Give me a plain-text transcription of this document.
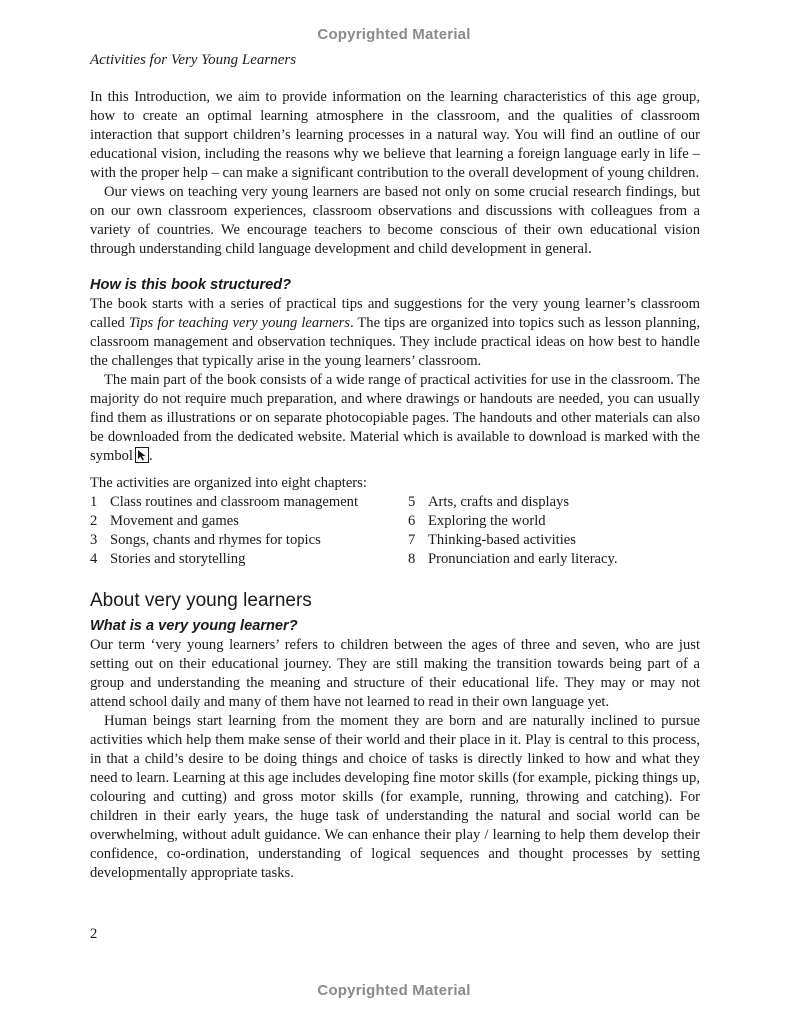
Copyrighted Material
Activities for Very Young Learners

In this Introduction, we aim to provide information on the learning characteristics of this age group, how to create an optimal learning atmosphere in the classroom, and the qualities of classroom interaction that support children’s learning processes in a natural way. You will find an outline of our educational vision, including the reasons why we believe that learning a foreign language early in life – with the proper help – can make a significant contribution to the overall development of young children.

Our views on teaching very young learners are based not only on some crucial research findings, but on our own classroom experiences, classroom observations and discussions with colleagues from a variety of countries. We encourage teachers to become conscious of their own educational vision through understanding child language development and child development in general.

How is this book structured?

The book starts with a series of practical tips and suggestions for the very young learner’s classroom called Tips for teaching very young learners. The tips are organized into topics such as lesson planning, classroom management and observation techniques. They include practical ideas on how best to handle the challenges that typically arise in the young learners’ classroom.

The main part of the book consists of a wide range of practical activities for use in the classroom. The majority do not require much preparation, and where drawings or handouts are needed, you can usually find them as illustrations or on separate photocopiable pages. The handouts and other materials can also be downloaded from the dedicated website. Material which is available to download is marked with the symbol .

The activities are organized into eight chapters:
1 Class routines and classroom management	5 Arts, crafts and displays
2 Movement and games	6 Exploring the world
3 Songs, chants and rhymes for topics	7 Thinking-based activities
4 Stories and storytelling	8 Pronunciation and early literacy.
About very young learners
What is a very young learner?

Our term ‘very young learners’ refers to children between the ages of three and seven, who are just setting out on their educational journey. They are still making the transition towards being part of a group and understanding the meaning and structure of their educational life. They may or may not attend school daily and many of them have not learned to read in their own language yet.

Human beings start learning from the moment they are born and are naturally inclined to pursue activities which help them make sense of their world and their place in it. Play is central to this process, in that a child’s desire to be doing things and choice of tasks is directly linked to how and what they need to learn. Learning at this age includes developing fine motor skills (for example, picking things up, colouring and cutting) and gross motor skills (for example, running, throwing and catching). For children in their early years, the huge task of understanding the natural and social world can be overwhelming, without adult guidance. We can enhance their play / learning to help them develop their confidence, co-ordination, understanding of logical sequences and thought processes by setting developmentally appropriate tasks.

2
Copyrighted Material
